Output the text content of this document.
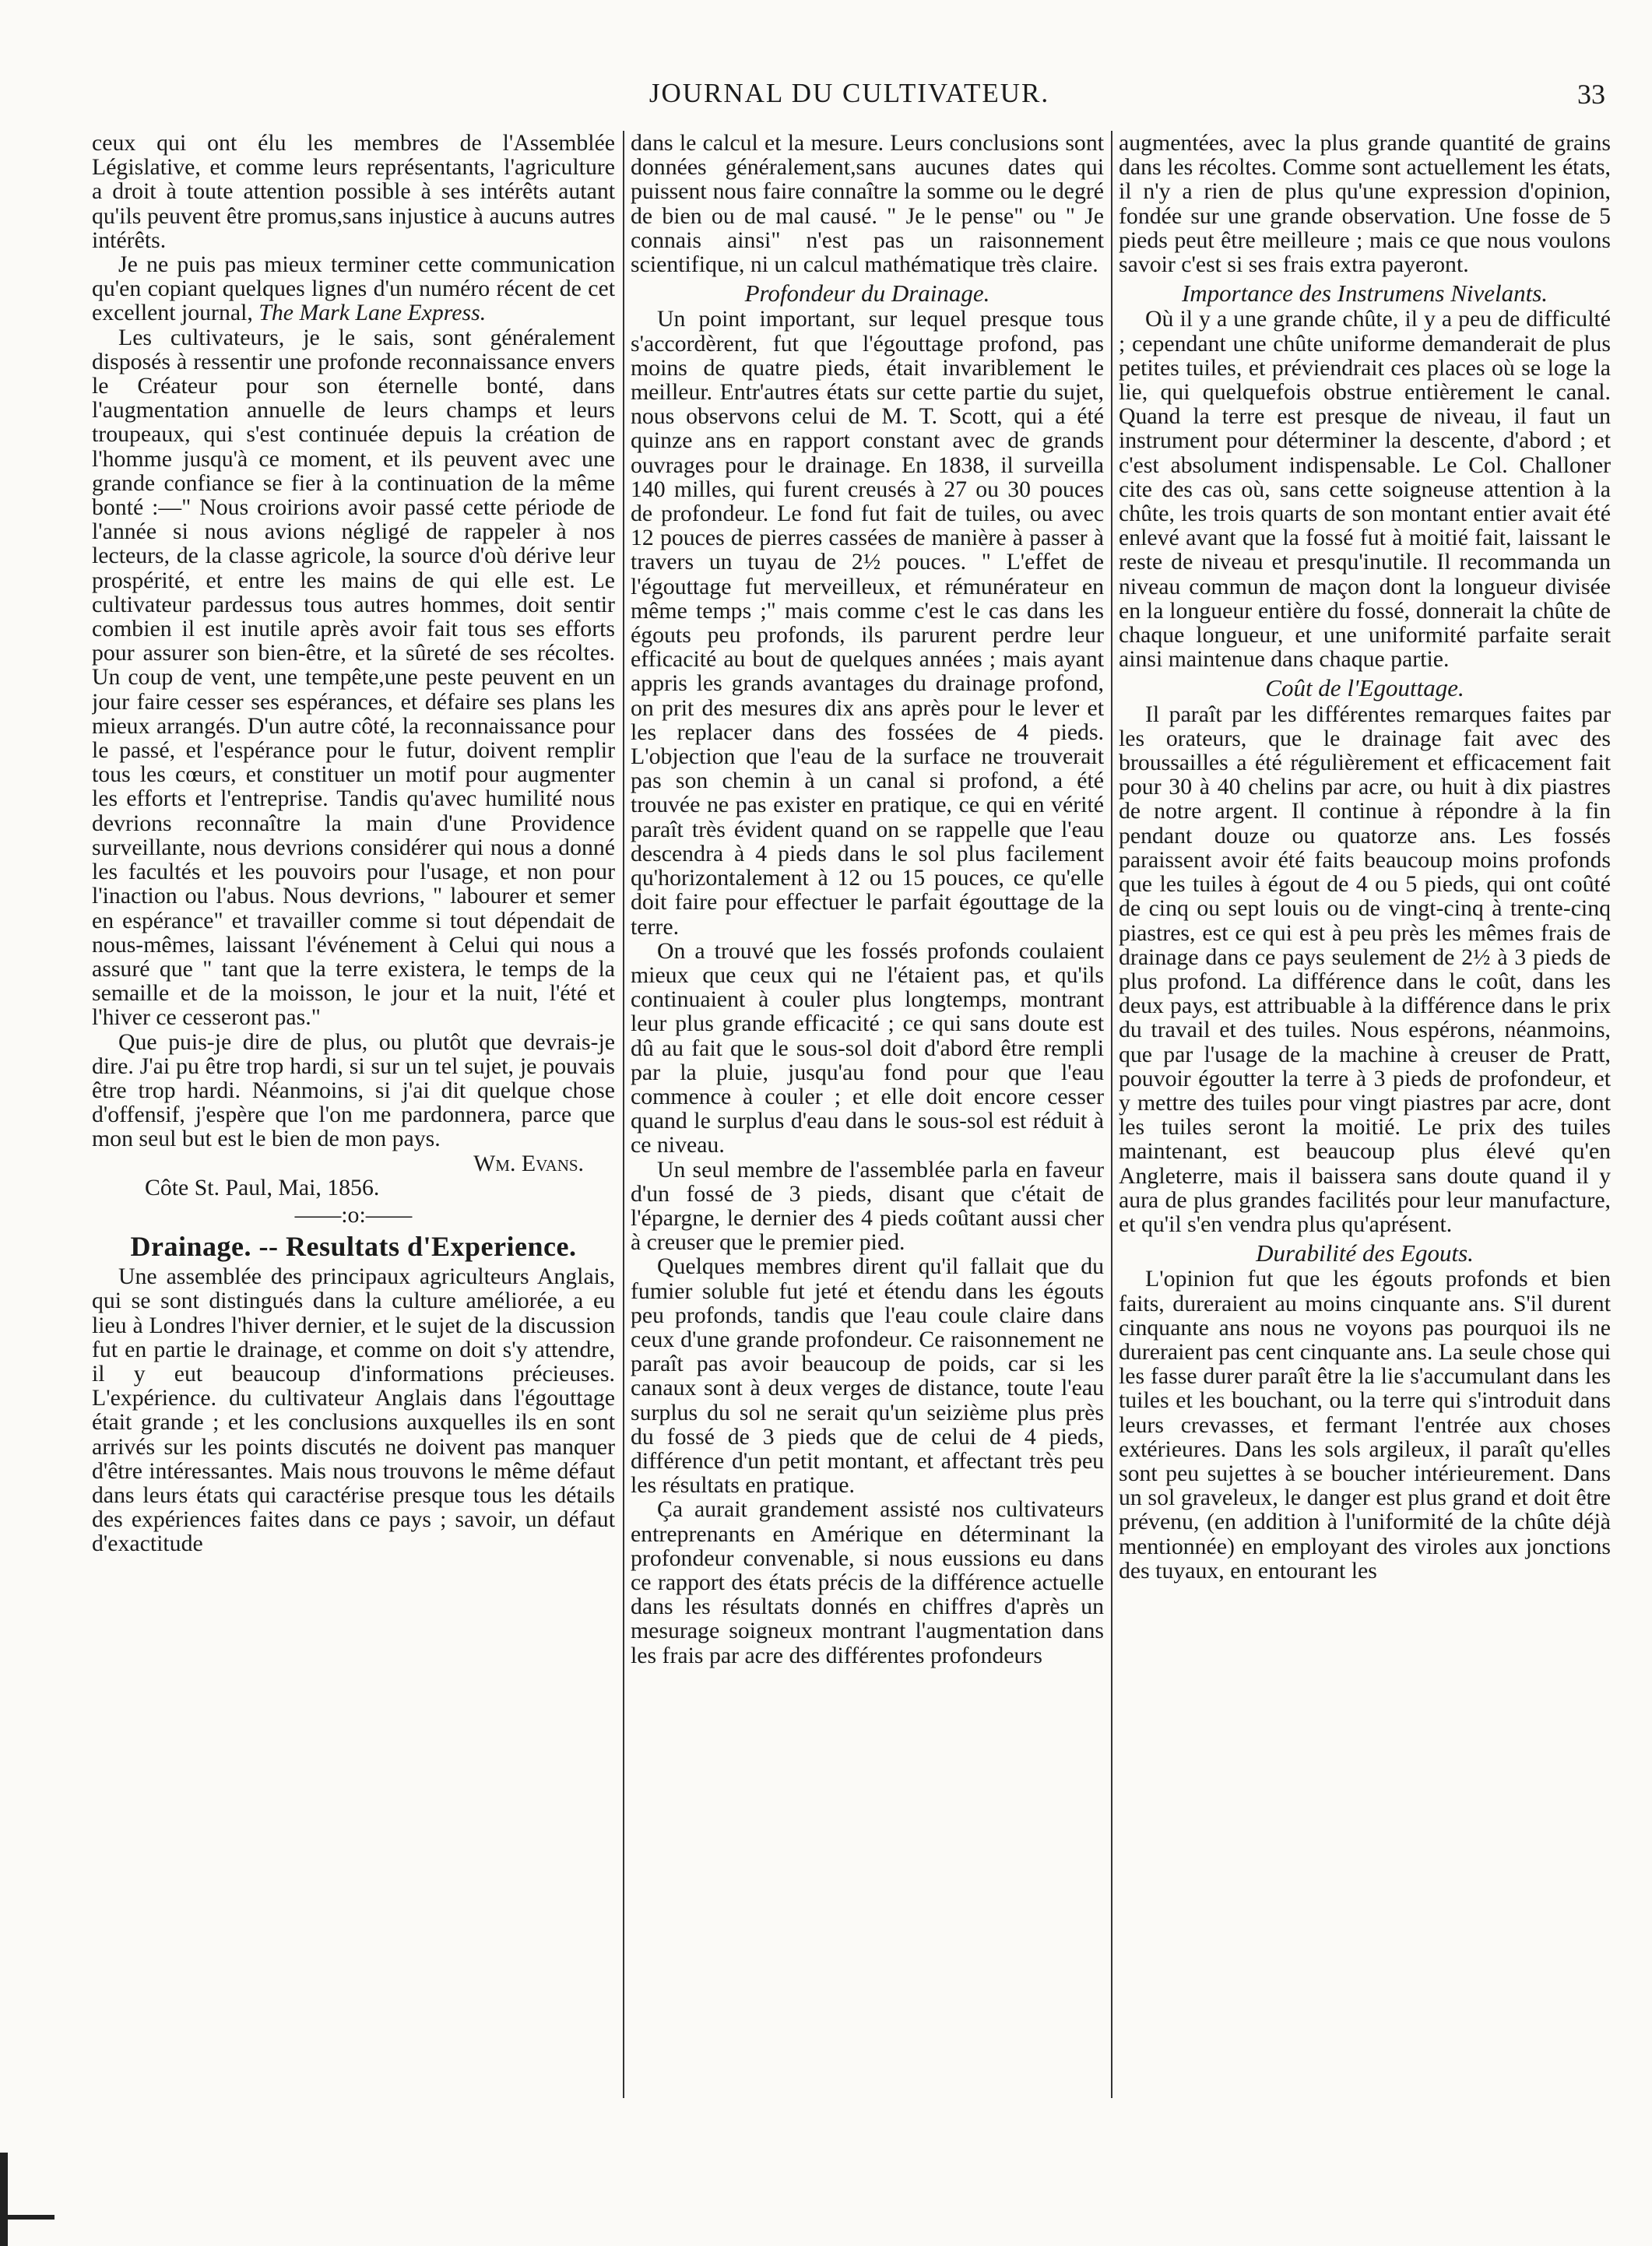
JOURNAL DU CULTIVATEUR.	33

ceux qui ont élu les membres de l'Assemblée Législative, et comme leurs représentants, l'agriculture a droit à toute attention possible à ses intérêts autant qu'ils peuvent être promus,sans injustice à aucuns autres intérêts.

Je ne puis pas mieux terminer cette communication qu'en copiant quelques lignes d'un numéro récent de cet excellent journal, The Mark Lane Express.

Les cultivateurs, je le sais, sont généralement disposés à ressentir une profonde reconnaissance envers le Créateur pour son éternelle bonté, dans l'augmentation annuelle de leurs champs et leurs troupeaux, qui s'est continuée depuis la création de l'homme jusqu'à ce moment, et ils peuvent avec une grande confiance se fier à la continuation de la même bonté :—" Nous croirions avoir passé cette période de l'année si nous avions négligé de rappeler à nos lecteurs, de la classe agricole, la source d'où dérive leur prospérité, et entre les mains de qui elle est. Le cultivateur pardessus tous autres hommes, doit sentir combien il est inutile après avoir fait tous ses efforts pour assurer son bien-être, et la sûreté de ses récoltes. Un coup de vent, une tempête,une peste peuvent en un jour faire cesser ses espérances, et défaire ses plans les mieux arrangés. D'un autre côté, la reconnaissance pour le passé, et l'espérance pour le futur, doivent remplir tous les cœurs, et constituer un motif pour augmenter les efforts et l'entreprise. Tandis qu'avec humilité nous devrions reconnaître la main d'une Providence surveillante, nous devrions considérer qui nous a donné les facultés et les pouvoirs pour l'usage, et non pour l'inaction ou l'abus. Nous devrions, " labourer et semer en espérance" et travailler comme si tout dépendait de nous-mêmes, laissant l'événement à Celui qui nous a assuré que " tant que la terre existera, le temps de la semaille et de la moisson, le jour et la nuit, l'été et l'hiver ce cesseront pas."

Que puis-je dire de plus, ou plutôt que devrais-je dire. J'ai pu être trop hardi, si sur un tel sujet, je pouvais être trop hardi. Néanmoins, si j'ai dit quelque chose d'offensif, j'espère que l'on me pardonnera, parce que mon seul but est le bien de mon pays.

Wm. Evans.

Côte St. Paul, Mai, 1856.

——:o:——

Drainage. -- Resultats d'Experience.

Une assemblée des principaux agriculteurs Anglais, qui se sont distingués dans la culture améliorée, a eu lieu à Londres l'hiver dernier, et le sujet de la discussion fut en partie le drainage, et comme on doit s'y attendre, il y eut beaucoup d'informations précieuses. L'expérience. du cultivateur Anglais dans l'égouttage était grande ; et les conclusions auxquelles ils en sont arrivés sur les points discutés ne doivent pas manquer d'être intéressantes. Mais nous trouvons le même défaut dans leurs états qui caractérise presque tous les détails des expériences faites dans ce pays ; savoir, un défaut d'exactitude

dans le calcul et la mesure. Leurs conclusions sont données généralement,sans aucunes dates qui puissent nous faire connaître la somme ou le degré de bien ou de mal causé. " Je le pense" ou " Je connais ainsi" n'est pas un raisonnement scientifique, ni un calcul mathématique très claire.

Profondeur du Drainage.

Un point important, sur lequel presque tous s'accordèrent, fut que l'égouttage profond, pas moins de quatre pieds, était invariblement le meilleur. Entr'autres états sur cette partie du sujet, nous observons celui de M. T. Scott, qui a été quinze ans en rapport constant avec de grands ouvrages pour le drainage. En 1838, il surveilla 140 milles, qui furent creusés à 27 ou 30 pouces de profondeur. Le fond fut fait de tuiles, ou avec 12 pouces de pierres cassées de manière à passer à travers un tuyau de 2½ pouces. " L'effet de l'égouttage fut merveilleux, et rémunérateur en même temps ;" mais comme c'est le cas dans les égouts peu profonds, ils parurent perdre leur efficacité au bout de quelques années ; mais ayant appris les grands avantages du drainage profond, on prit des mesures dix ans après pour le lever et les replacer dans des fossées de 4 pieds. L'objection que l'eau de la surface ne trouverait pas son chemin à un canal si profond, a été trouvée ne pas exister en pratique, ce qui en vérité paraît très évident quand on se rappelle que l'eau descendra à 4 pieds dans le sol plus facilement qu'horizontalement à 12 ou 15 pouces, ce qu'elle doit faire pour effectuer le parfait égouttage de la terre.

On a trouvé que les fossés profonds coulaient mieux que ceux qui ne l'étaient pas, et qu'ils continuaient à couler plus longtemps, montrant leur plus grande efficacité ; ce qui sans doute est dû au fait que le sous-sol doit d'abord être rempli par la pluie, jusqu'au fond pour que l'eau commence à couler ; et elle doit encore cesser quand le surplus d'eau dans le sous-sol est réduit à ce niveau.

Un seul membre de l'assemblée parla en faveur d'un fossé de 3 pieds, disant que c'était de l'épargne, le dernier des 4 pieds coûtant aussi cher à creuser que le premier pied.

Quelques membres dirent qu'il fallait que du fumier soluble fut jeté et étendu dans les égouts peu profonds, tandis que l'eau coule claire dans ceux d'une grande profondeur. Ce raisonnement ne paraît pas avoir beaucoup de poids, car si les canaux sont à deux verges de distance, toute l'eau surplus du sol ne serait qu'un seizième plus près du fossé de 3 pieds que de celui de 4 pieds, différence d'un petit montant, et affectant très peu les résultats en pratique.

Ça aurait grandement assisté nos cultivateurs entreprenants en Amérique en déterminant la profondeur convenable, si nous eussions eu dans ce rapport des états précis de la différence actuelle dans les résultats donnés en chiffres d'après un mesurage soigneux montrant l'augmentation dans les frais par acre des différentes profondeurs

augmentées, avec la plus grande quantité de grains dans les récoltes. Comme sont actuellement les états, il n'y a rien de plus qu'une expression d'opinion, fondée sur une grande observation. Une fosse de 5 pieds peut être meilleure ; mais ce que nous voulons savoir c'est si ses frais extra payeront.

Importance des Instrumens Nivelants.

Où il y a une grande chûte, il y a peu de difficulté ; cependant une chûte uniforme demanderait de plus petites tuiles, et préviendrait ces places où se loge la lie, qui quelquefois obstrue entièrement le canal. Quand la terre est presque de niveau, il faut un instrument pour déterminer la descente, d'abord ; et c'est absolument indispensable. Le Col. Challoner cite des cas où, sans cette soigneuse attention à la chûte, les trois quarts de son montant entier avait été enlevé avant que la fossé fut à moitié fait, laissant le reste de niveau et presqu'inutile. Il recommanda un niveau commun de maçon dont la longueur divisée en la longueur entière du fossé, donnerait la chûte de chaque longueur, et une uniformité parfaite serait ainsi maintenue dans chaque partie.

Coût de l'Egouttage.

Il paraît par les différentes remarques faites par les orateurs, que le drainage fait avec des broussailles a été régulièrement et efficacement fait pour 30 à 40 chelins par acre, ou huit à dix piastres de notre argent. Il continue à répondre à la fin pendant douze ou quatorze ans. Les fossés paraissent avoir été faits beaucoup moins profonds que les tuiles à égout de 4 ou 5 pieds, qui ont coûté de cinq ou sept louis ou de vingt-cinq à trente-cinq piastres, est ce qui est à peu près les mêmes frais de drainage dans ce pays seulement de 2½ à 3 pieds de plus profond. La différence dans le coût, dans les deux pays, est attribuable à la différence dans le prix du travail et des tuiles. Nous espérons, néanmoins, que par l'usage de la machine à creuser de Pratt, pouvoir égoutter la terre à 3 pieds de profondeur, et y mettre des tuiles pour vingt piastres par acre, dont les tuiles seront la moitié. Le prix des tuiles maintenant, est beaucoup plus élevé qu'en Angleterre, mais il baissera sans doute quand il y aura de plus grandes facilités pour leur manufacture, et qu'il s'en vendra plus qu'aprésent.

Durabilité des Egouts.

L'opinion fut que les égouts profonds et bien faits, dureraient au moins cinquante ans. S'il durent cinquante ans nous ne voyons pas pourquoi ils ne dureraient pas cent cinquante ans. La seule chose qui les fasse durer paraît être la lie s'accumulant dans les tuiles et les bouchant, ou la terre qui s'introduit dans leurs crevasses, et fermant l'entrée aux choses extérieures. Dans les sols argileux, il paraît qu'elles sont peu sujettes à se boucher intérieurement. Dans un sol graveleux, le danger est plus grand et doit être prévenu, (en addition à l'uniformité de la chûte déjà mentionnée) en employant des viroles aux jonctions des tuyaux, en entourant les
